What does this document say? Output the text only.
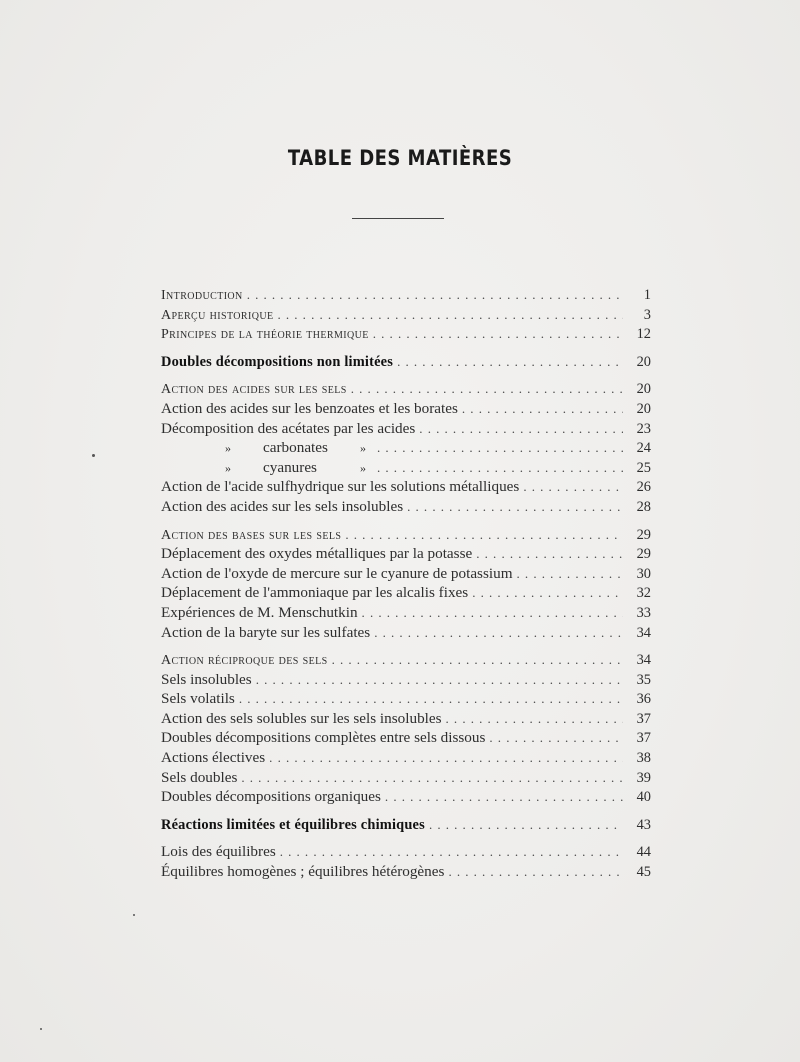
TABLE DES MATIÈRES
Introduction . . .	1
Aperçu historique . . .	3
Principes de la théorie thermique . . .	12
Doubles décompositions non limitées . . .	20
Action des acides sur les sels . . .	20
Action des acides sur les benzoates et les borates . . .	20
Décomposition des acétates par les acides . . .	23
» carbonates	» . . .	24
» cyanures	» . . .	25
Action de l'acide sulfhydrique sur les solutions métalliques . . .	26
Action des acides sur les sels insolubles . . .	28
Action des bases sur les sels . . .	29
Déplacement des oxydes métalliques par la potasse . . .	29
Action de l'oxyde de mercure sur le cyanure de potassium . . .	30
Déplacement de l'ammoniaque par les alcalis fixes . . .	32
Expériences de M. Menschutkin . . .	33
Action de la baryte sur les sulfates . . .	34
Action réciproque des sels . . .	34
Sels insolubles . . .	35
Sels volatils . . .	36
Action des sels solubles sur les sels insolubles . . .	37
Doubles décompositions complètes entre sels dissous . . .	37
Actions électives . . .	38
Sels doubles . . .	39
Doubles décompositions organiques . . .	40
Réactions limitées et équilibres chimiques . . .	43
Lois des équilibres . . .	44
Équilibres homogènes ; équilibres hétérogènes . . .	45
